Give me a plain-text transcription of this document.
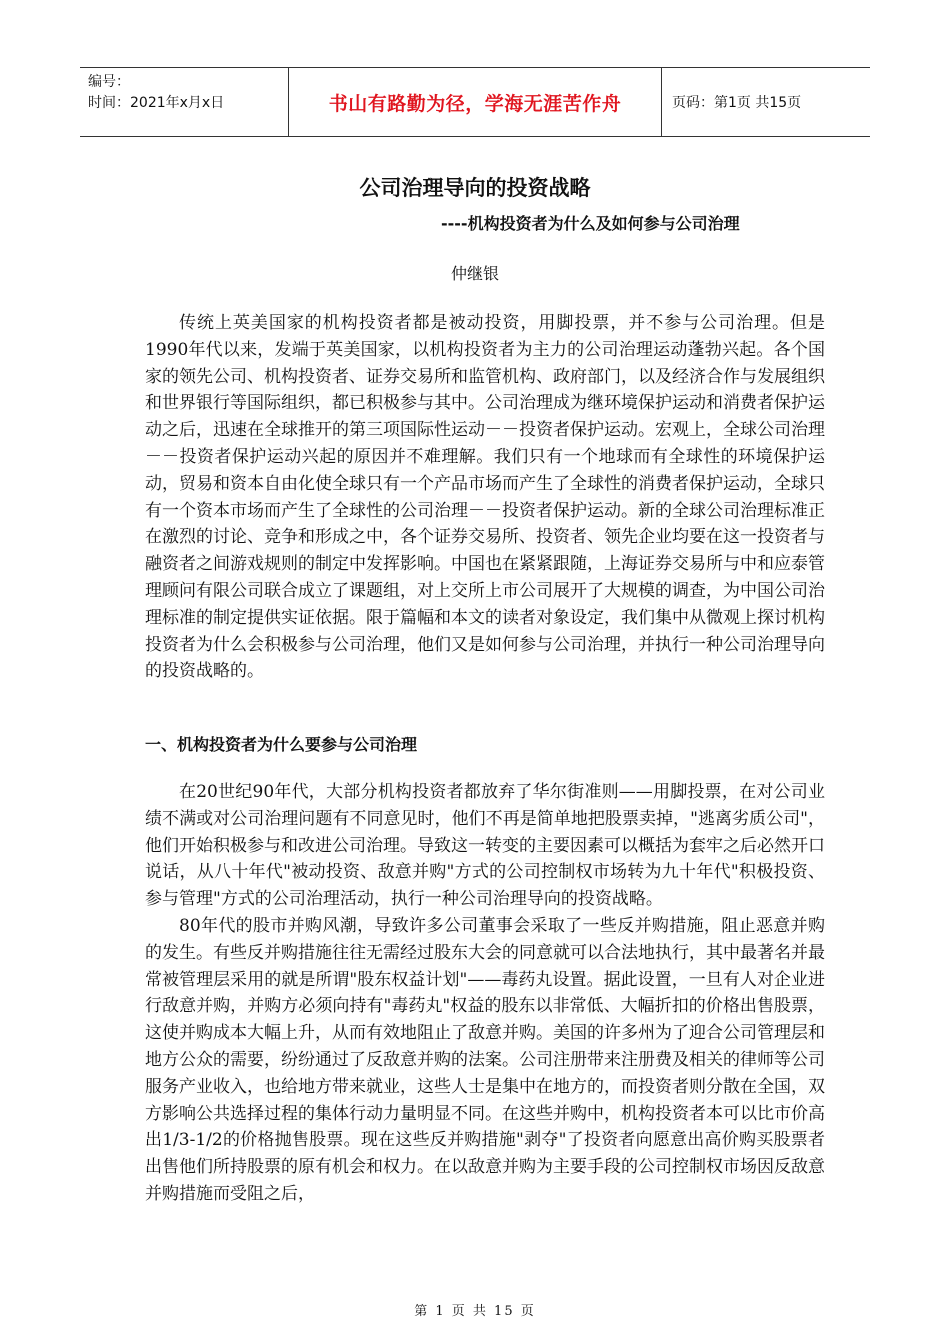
编号：
时间：2021年x月x日	书山有路勤为径，学海无涯苦作舟	页码：第1页 共15页
公司治理导向的投资战略
----机构投资者为什么及如何参与公司治理
仲继银

传统上英美国家的机构投资者都是被动投资，用脚投票，并不参与公司治理。但是1990年代以来，发端于英美国家，以机构投资者为主力的公司治理运动蓬勃兴起。各个国家的领先公司、机构投资者、证券交易所和监管机构、政府部门，以及经济合作与发展组织和世界银行等国际组织，都已积极参与其中。公司治理成为继环境保护运动和消费者保护运动之后，迅速在全球推开的第三项国际性运动－－投资者保护运动。宏观上，全球公司治理－－投资者保护运动兴起的原因并不难理解。我们只有一个地球而有全球性的环境保护运动，贸易和资本自由化使全球只有一个产品市场而产生了全球性的消费者保护运动，全球只有一个资本市场而产生了全球性的公司治理－－投资者保护运动。新的全球公司治理标准正在激烈的讨论、竞争和形成之中，各个证券交易所、投资者、领先企业均要在这一投资者与融资者之间游戏规则的制定中发挥影响。中国也在紧紧跟随，上海证券交易所与中和应泰管理顾问有限公司联合成立了课题组，对上交所上市公司展开了大规模的调查，为中国公司治理标准的制定提供实证依据。限于篇幅和本文的读者对象设定，我们集中从微观上探讨机构投资者为什么会积极参与公司治理，他们又是如何参与公司治理，并执行一种公司治理导向的投资战略的。

一、机构投资者为什么要参与公司治理

在20世纪90年代，大部分机构投资者都放弃了华尔街准则——用脚投票，在对公司业绩不满或对公司治理问题有不同意见时，他们不再是简单地把股票卖掉，"逃离劣质公司"，他们开始积极参与和改进公司治理。导致这一转变的主要因素可以概括为套牢之后必然开口说话，从八十年代"被动投资、敌意并购"方式的公司控制权市场转为九十年代"积极投资、参与管理"方式的公司治理活动，执行一种公司治理导向的投资战略。

80年代的股市并购风潮，导致许多公司董事会采取了一些反并购措施，阻止恶意并购的发生。有些反并购措施往往无需经过股东大会的同意就可以合法地执行，其中最著名并最常被管理层采用的就是所谓"股东权益计划"——毒药丸设置。据此设置，一旦有人对企业进行敌意并购，并购方必须向持有"毒药丸"权益的股东以非常低、大幅折扣的价格出售股票，这使并购成本大幅上升，从而有效地阻止了敌意并购。美国的许多州为了迎合公司管理层和地方公众的需要，纷纷通过了反敌意并购的法案。公司注册带来注册费及相关的律师等公司服务产业收入，也给地方带来就业，这些人士是集中在地方的，而投资者则分散在全国，双方影响公共选择过程的集体行动力量明显不同。在这些并购中，机构投资者本可以比市价高出1/3-1/2的价格抛售股票。现在这些反并购措施"剥夺"了投资者向愿意出高价购买股票者出售他们所持股票的原有机会和权力。在以敌意并购为主要手段的公司控制权市场因反敌意并购措施而受阻之后，

第 1 页 共 15 页
